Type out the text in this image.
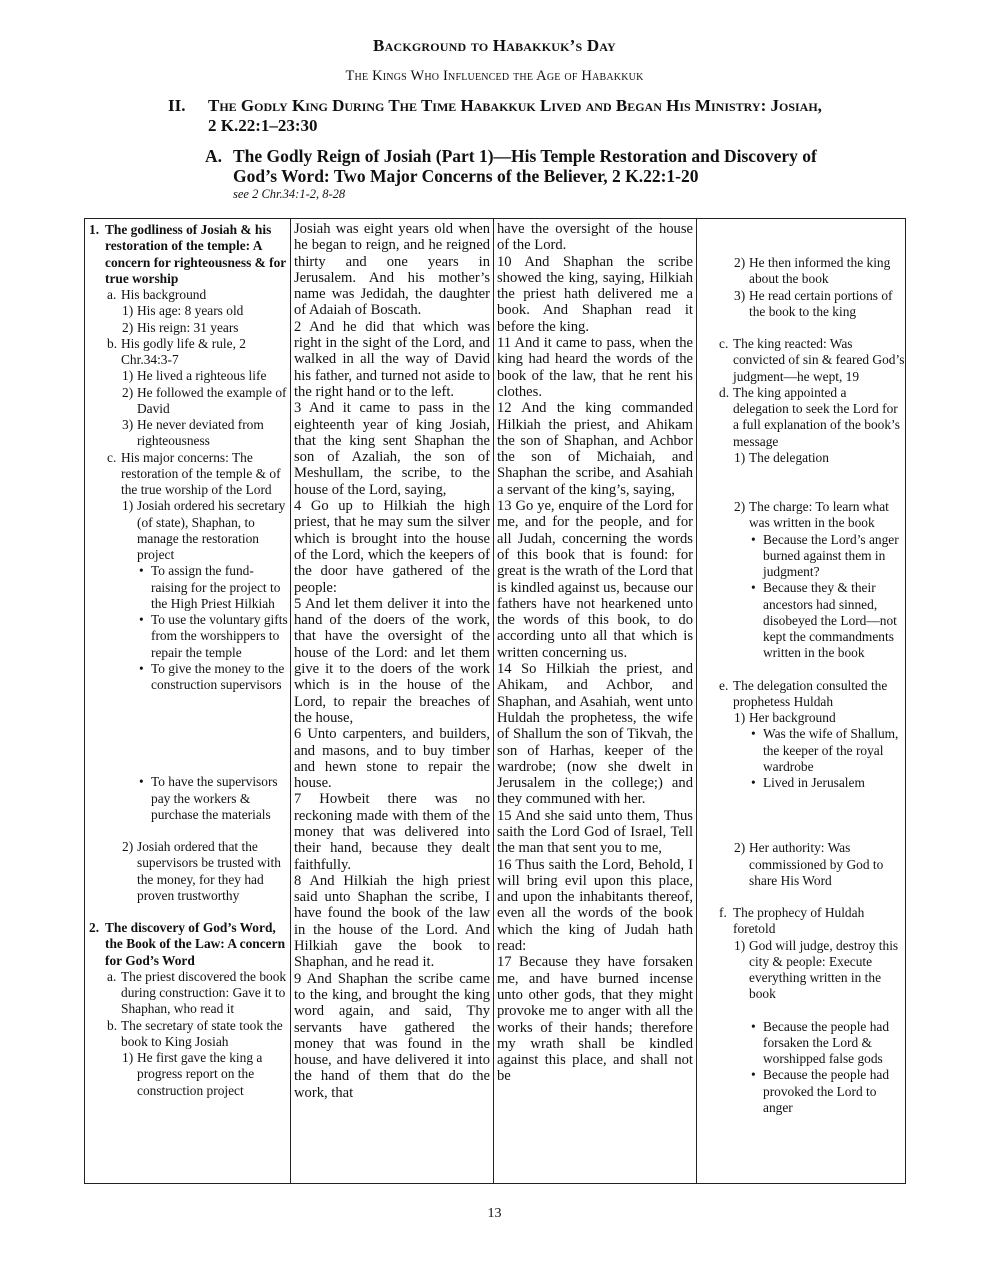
Background to Habakkuk’s Day
The Kings Who Influenced the Age of Habakkuk
II. The Godly King During The Time Habakkuk Lived and Began His Ministry: Josiah, 2 K.22:1–23:30
A. The Godly Reign of Josiah (Part 1)—His Temple Restoration and Discovery of God’s Word: Two Major Concerns of the Believer, 2 K.22:1-20
see 2 Chr.34:1-2, 8-28
1. The godliness of Josiah & his restoration of the temple: A concern for righteousness & for true worship
a. His background
1) His age: 8 years old
2) His reign: 31 years
b. His godly life & rule, 2 Chr.34:3-7
1) He lived a righteous life
2) He followed the example of David
3) He never deviated from righteousness
c. His major concerns: The restoration of the temple & of the true worship of the Lord
1) Josiah ordered his secretary (of state), Shaphan, to manage the restoration project
• To assign the fund-raising for the project to the High Priest Hilkiah
• To use the voluntary gifts from the worshippers to repair the temple
• To give the money to the construction supervisors
• To have the supervisors pay the workers & purchase the materials
2) Josiah ordered that the supervisors be trusted with the money, for they had proven trustworthy
2. The discovery of God’s Word, the Book of the Law: A concern for God’s Word
a. The priest discovered the book during construction: Gave it to Shaphan, who read it
b. The secretary of state took the book to King Josiah
1) He first gave the king a progress report on the construction project

Josiah was eight years old when he began to reign, and he reigned thirty and one years in Jerusalem. And his mother’s name was Jedidah, the daughter of Adaiah of Boscath.

2 And he did that which was right in the sight of the Lord, and walked in all the way of David his father, and turned not aside to the right hand or to the left.

3 And it came to pass in the eighteenth year of king Josiah, that the king sent Shaphan the son of Azaliah, the son of Meshullam, the scribe, to the house of the Lord, saying,

4 Go up to Hilkiah the high priest, that he may sum the silver which is brought into the house of the Lord, which the keepers of the door have gathered of the people:

5 And let them deliver it into the hand of the doers of the work, that have the oversight of the house of the Lord: and let them give it to the doers of the work which is in the house of the Lord, to repair the breaches of the house,

6 Unto carpenters, and builders, and masons, and to buy timber and hewn stone to repair the house.

7 Howbeit there was no reckoning made with them of the money that was delivered into their hand, because they dealt faithfully.

8 And Hilkiah the high priest said unto Shaphan the scribe, I have found the book of the law in the house of the Lord. And Hilkiah gave the book to Shaphan, and he read it.

9 And Shaphan the scribe came to the king, and brought the king word again, and said, Thy servants have gathered the money that was found in the house, and have delivered it into the hand of them that do the work, that

have the oversight of the house of the Lord.

10 And Shaphan the scribe showed the king, saying, Hilkiah the priest hath delivered me a book. And Shaphan read it before the king.

11 And it came to pass, when the king had heard the words of the book of the law, that he rent his clothes.

12 And the king commanded Hilkiah the priest, and Ahikam the son of Shaphan, and Achbor the son of Michaiah, and Shaphan the scribe, and Asahiah a servant of the king’s, saying,

13 Go ye, enquire of the Lord for me, and for the people, and for all Judah, concerning the words of this book that is found: for great is the wrath of the Lord that is kindled against us, because our fathers have not hearkened unto the words of this book, to do according unto all that which is written concerning us.

14 So Hilkiah the priest, and Ahikam, and Achbor, and Shaphan, and Asahiah, went unto Huldah the prophetess, the wife of Shallum the son of Tikvah, the son of Harhas, keeper of the wardrobe; (now she dwelt in Jerusalem in the college;) and they communed with her.

15 And she said unto them, Thus saith the Lord God of Israel, Tell the man that sent you to me,

16 Thus saith the Lord, Behold, I will bring evil upon this place, and upon the inhabitants thereof, even all the words of the book which the king of Judah hath read:

17 Because they have forsaken me, and have burned incense unto other gods, that they might provoke me to anger with all the works of their hands; therefore my wrath shall be kindled against this place, and shall not be

2) He then informed the king about the book
3) He read certain portions of the book to the king
c. The king reacted: Was convicted of sin & feared God’s judgment—he wept, 19
d. The king appointed a delegation to seek the Lord for a full explanation of the book’s message
1) The delegation
2) The charge: To learn what was written in the book
• Because the Lord’s anger burned against them in judgment?
• Because they & their ancestors had sinned, disobeyed the Lord—not kept the commandments written in the book
e. The delegation consulted the prophetess Huldah
1) Her background
• Was the wife of Shallum, the keeper of the royal wardrobe
• Lived in Jerusalem
2) Her authority: Was commissioned by God to share His Word
f. The prophecy of Huldah foretold
1) God will judge, destroy this city & people: Execute everything written in the book
• Because the people had forsaken the Lord & worshipped false gods
• Because the people had provoked the Lord to anger
13
